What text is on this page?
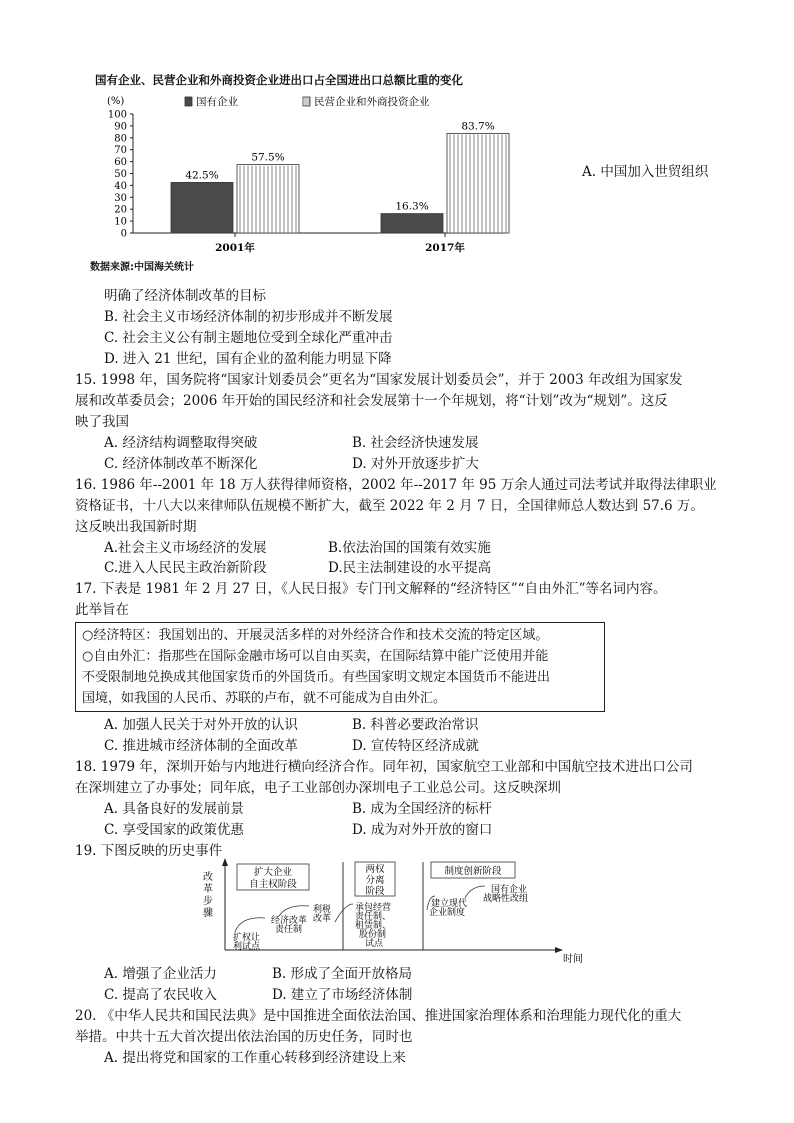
国有企业、民营企业和外商投资企业进出口占全国进出口总额比重的变化
0
10
20
30
40
50
60
70
80
90
100
(%)
2001年
42.5%
57.5%
2017年
16.3%
83.7%
国有企业	民营企业和外商投资企业
数据来源:中国海关统计
A. 中国加入世贸组织
明确了经济体制改革的目标
B. 社会主义市场经济体制的初步形成并不断发展
C. 社会主义公有制主题地位受到全球化严重冲击
D. 进入 21 世纪，国有企业的盈利能力明显下降
15. 1998 年，国务院将“国家计划委员会”更名为“国家发展计划委员会”，并于 2003 年改组为国家发
展和改革委员会；2006 年开始的国民经济和社会发展第十一个年规划，将“计划”改为“规划”。这反
映了我国
A. 经济结构调整取得突破	B. 社会经济快速发展
C. 经济体制改革不断深化	D. 对外开放逐步扩大
16. 1986 年--2001 年 18 万人获得律师资格，2002 年--2017 年 95 万余人通过司法考试并取得法律职业
资格证书，十八大以来律师队伍规模不断扩大，截至 2022 年 2 月 7 日，全国律师总人数达到 57.6 万。
这反映出我国新时期
A.社会主义市场经济的发展	B.依法治国的国策有效实施
C.进入人民民主政治新阶段	D.民主法制建设的水平提高
17. 下表是 1981 年 2 月 27 日，《人民日报》专门刊文解释的“经济特区”“自由外汇”等名词内容。
此举旨在
○经济特区：我国划出的、开展灵活多样的对外经济合作和技术交流的特定区域。
○自由外汇：指那些在国际金融市场可以自由买卖，在国际结算中能广泛使用并能
不受限制地兑换成其他国家货币的外国货币。有些国家明文规定本国货币不能进出
国境，如我国的人民币、苏联的卢布，就不可能成为自由外汇。
A. 加强人民关于对外开放的认识	B. 科普必要政治常识
C. 推进城市经济体制的全面改革	D. 宣传特区经济成就
18. 1979 年，深圳开始与内地进行横向经济合作。同年初，国家航空工业部和中国航空技术进出口公司
在深圳建立了办事处；同年底，电子工业部创办深圳电子工业总公司。这反映深圳
A. 具备良好的发展前景	B. 成为全国经济的标杆
C. 享受国家的政策优惠	D. 成为对外开放的窗口
19. 下图反映的历史事件
改
革
步
骤
时间
扩大企业
自主权阶段
两权
分离
阶段
制度创新阶段
扩权让
利试点
经济改革
责任制
利税
改革
承包经营
责任制、
租赁制、
股份制
试点
建立现代
企业制度
国有企业
战略性改组
A. 增强了企业活力	B. 形成了全面开放格局
C. 提高了农民收入	D. 建立了市场经济体制
20. 《中华人民共和国民法典》是中国推进全面依法治国、推进国家治理体系和治理能力现代化的重大
举措。中共十五大首次提出依法治国的历史任务，同时也
A. 提出将党和国家的工作重心转移到经济建设上来
